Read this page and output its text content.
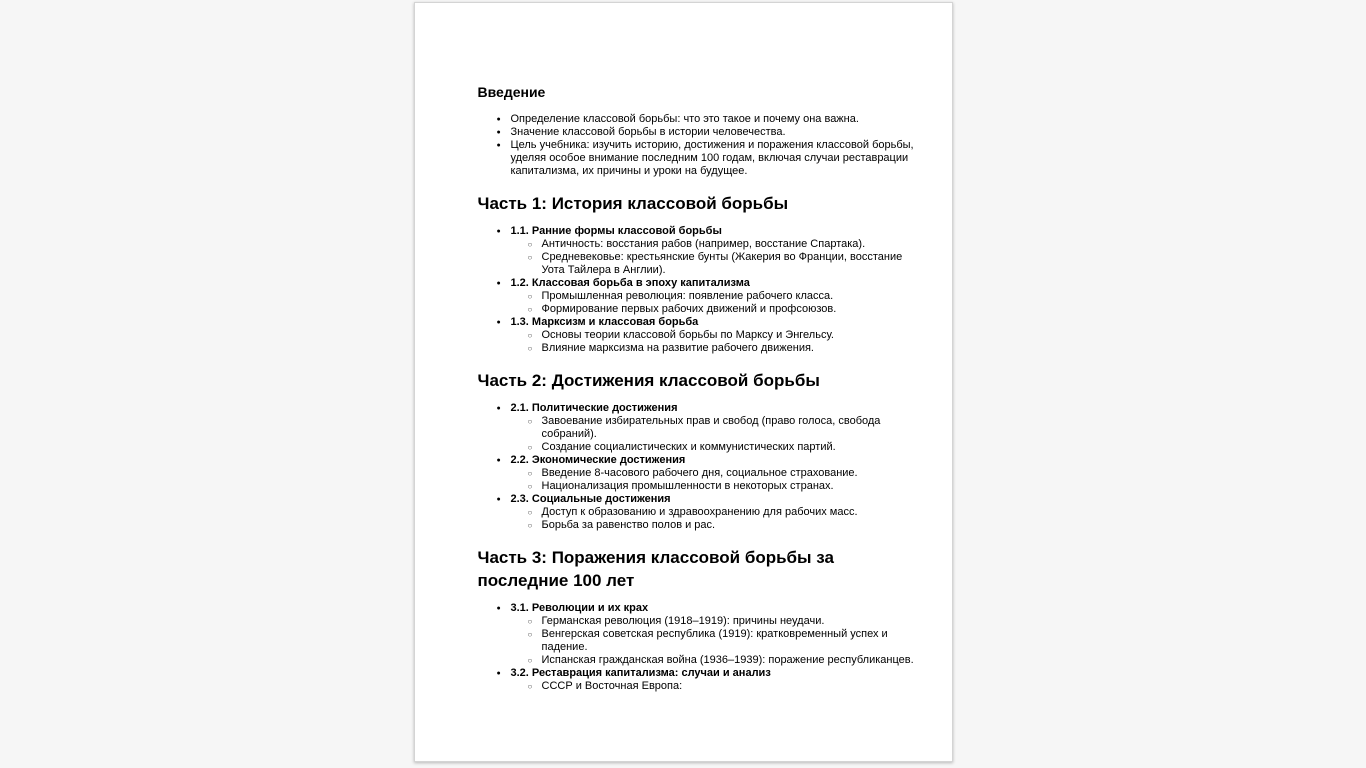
Введение
● Определение классовой борьбы: что это такое и почему она важна.
● Значение классовой борьбы в истории человечества.
● Цель учебника: изучить историю, достижения и поражения классовой борьбы, уделяя особое внимание последним 100 годам, включая случаи реставрации капитализма, их причины и уроки на будущее.
Часть 1: История классовой борьбы
● 1.1. Ранние формы классовой борьбы
○ Античность: восстания рабов (например, восстание Спартака).
○ Средневековье: крестьянские бунты (Жакерия во Франции, восстание Уота Тайлера в Англии).
● 1.2. Классовая борьба в эпоху капитализма
○ Промышленная революция: появление рабочего класса.
○ Формирование первых рабочих движений и профсоюзов.
● 1.3. Марксизм и классовая борьба
○ Основы теории классовой борьбы по Марксу и Энгельсу.
○ Влияние марксизма на развитие рабочего движения.
Часть 2: Достижения классовой борьбы
● 2.1. Политические достижения
○ Завоевание избирательных прав и свобод (право голоса, свобода собраний).
○ Создание социалистических и коммунистических партий.
● 2.2. Экономические достижения
○ Введение 8-часового рабочего дня, социальное страхование.
○ Национализация промышленности в некоторых странах.
● 2.3. Социальные достижения
○ Доступ к образованию и здравоохранению для рабочих масс.
○ Борьба за равенство полов и рас.
Часть 3: Поражения классовой борьбы за последние 100 лет
● 3.1. Революции и их крах
○ Германская революция (1918–1919): причины неудачи.
○ Венгерская советская республика (1919): кратковременный успех и падение.
○ Испанская гражданская война (1936–1939): поражение республиканцев.
● 3.2. Реставрация капитализма: случаи и анализ
○ СССР и Восточная Европа:
